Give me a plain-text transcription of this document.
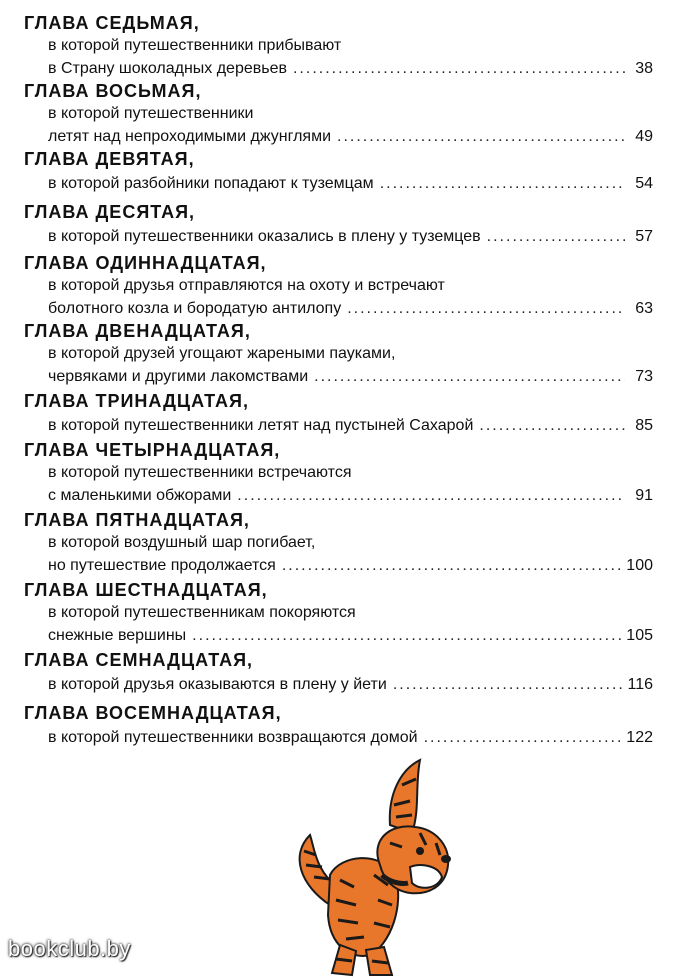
ГЛАВА СЕДЬМАЯ,
в которой путешественники прибывают
в Страну шоколадных деревьев .....	38
ГЛАВА ВОСЬМАЯ,
в которой путешественники
летят над непроходимыми джунглями .....	49
ГЛАВА ДЕВЯТАЯ,
в которой разбойники попадают к туземцам .....	54
ГЛАВА ДЕСЯТАЯ,
в которой путешественники оказались в плену у туземцев .....	57
ГЛАВА ОДИННАДЦАТАЯ,
в которой друзья отправляются на охоту и встречают
болотного козла и бородатую антилопу .....	63
ГЛАВА ДВЕНАДЦАТАЯ,
в которой друзей угощают жареными пауками,
червяками и другими лакомствами .....	73
ГЛАВА ТРИНАДЦАТАЯ,
в которой путешественники летят над пустыней Сахарой .....	85
ГЛАВА ЧЕТЫРНАДЦАТАЯ,
в которой путешественники встречаются
с маленькими обжорами .....	91
ГЛАВА ПЯТНАДЦАТАЯ,
в которой воздушный шар погибает,
но путешествие продолжается .....	100
ГЛАВА ШЕСТНАДЦАТАЯ,
в которой путешественникам покоряются
снежные вершины .....	105
ГЛАВА СЕМНАДЦАТАЯ,
в которой друзья оказываются в плену у йети .....	116
ГЛАВА ВОСЕМНАДЦАТАЯ,
в которой путешественники возвращаются домой .....	122
bookclub.by
